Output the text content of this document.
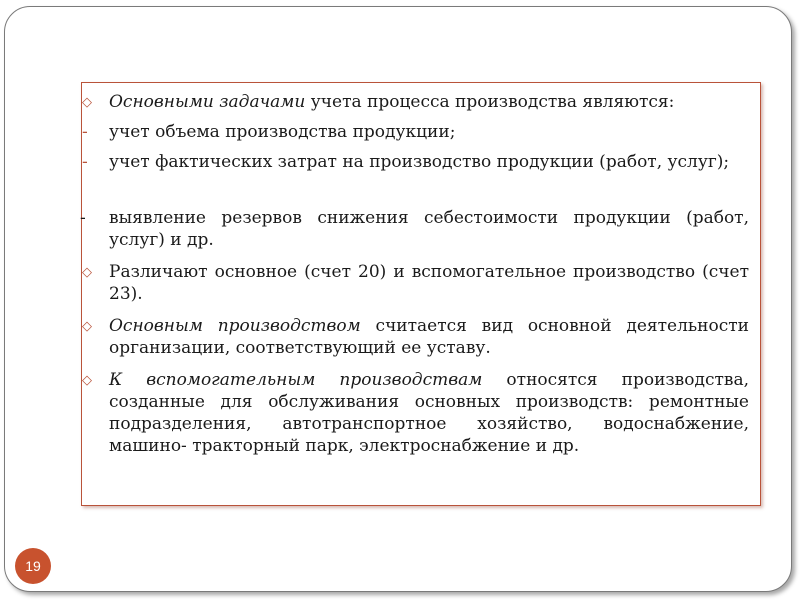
◇	Основными задачами учета процесса производства являются:
-	учет объема производства продукции;
-	учет фактических затрат на производство продукции (работ, услуг);
-	выявление резервов снижения себестоимости продукции (работ, услуг) и др.
◇	Различают основное (счет 20) и вспомогательное производство (счет 23).
◇	Основным производством считается вид основной деятельности организации, соответствующий ее уставу.
◇	К вспомогательным производствам относятся производства, созданные для обслуживания основных производств: ремонтные подразделения, автотранспортное хозяйство, водоснабжение, машино- тракторный парк, электроснабжение и др.
19
